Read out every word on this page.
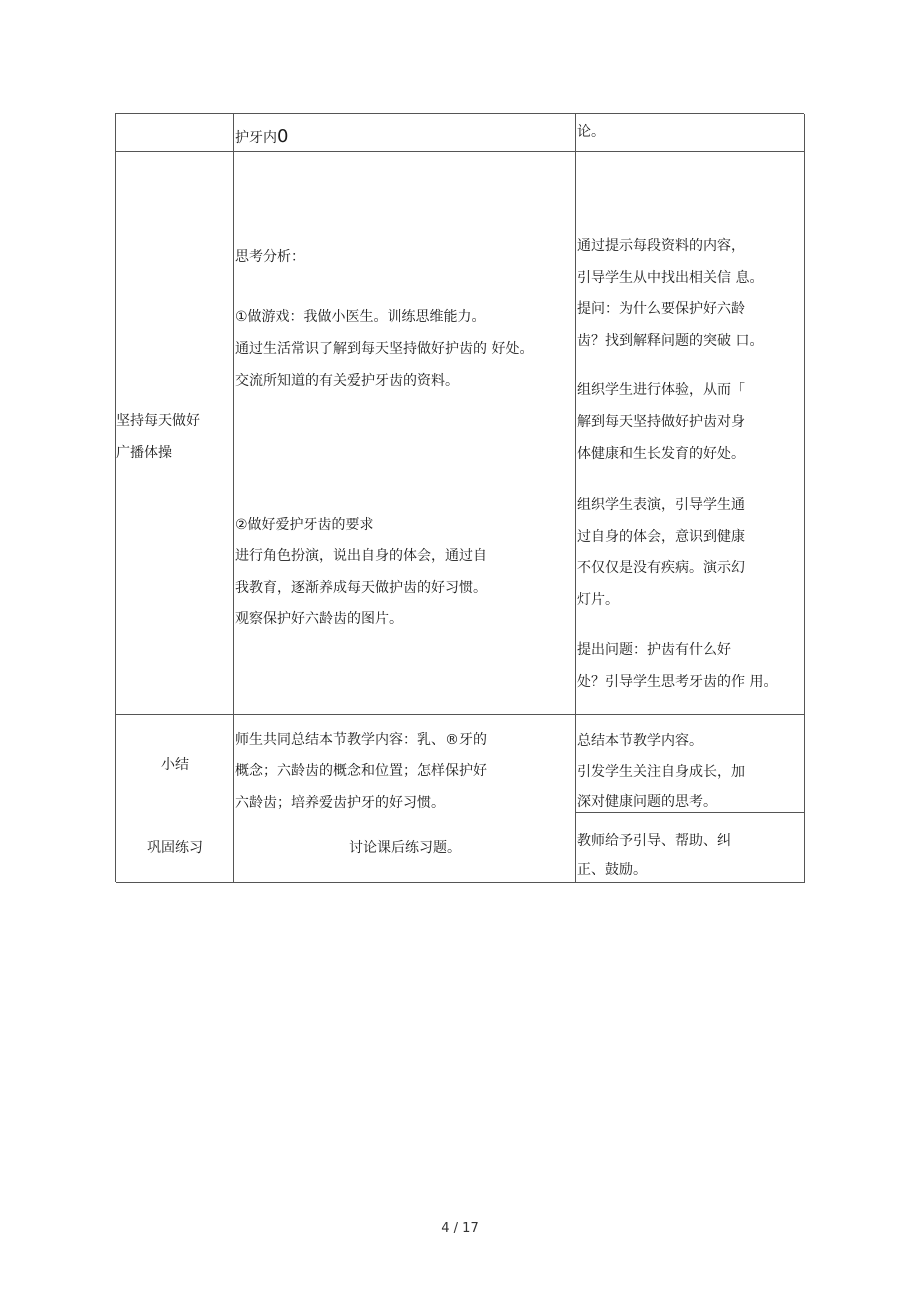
护牙内0	论。
坚持每天做好
广播体操
思考分析：
①做游戏：我做小医生。训练思维能力。
通过生活常识了解到每天坚持做好护齿的 好处。
交流所知道的有关爱护牙齿的资料。
②做好爱护牙齿的要求
进行角色扮演，说出自身的体会，通过自
我教育，逐渐养成每天做护齿的好习惯。
观察保护好六龄齿的图片。
通过提示每段资料的内容，
引导学生从中找出相关信 息。
提问：为什么要保护好六龄
齿？找到解释问题的突破 口。
组织学生进行体验，从而「
解到每天坚持做好护齿对身
体健康和生长发育的好处。
组织学生表演，引导学生通
过自身的体会，意识到健康
不仅仅是没有疾病。演示幻
灯片。
提出问题：护齿有什么好
处？引导学生思考牙齿的作 用。
小结
巩固练习
师生共同总结本节教学内容：乳、®牙的
概念；六龄齿的概念和位置；怎样保护好
六龄齿；培养爱齿护牙的好习惯。
讨论课后练习题。
总结本节教学内容。
引发学生关注自身成长，加
深对健康问题的思考。
教师给予引导、帮助、纠
正、鼓励。
4 / 17
